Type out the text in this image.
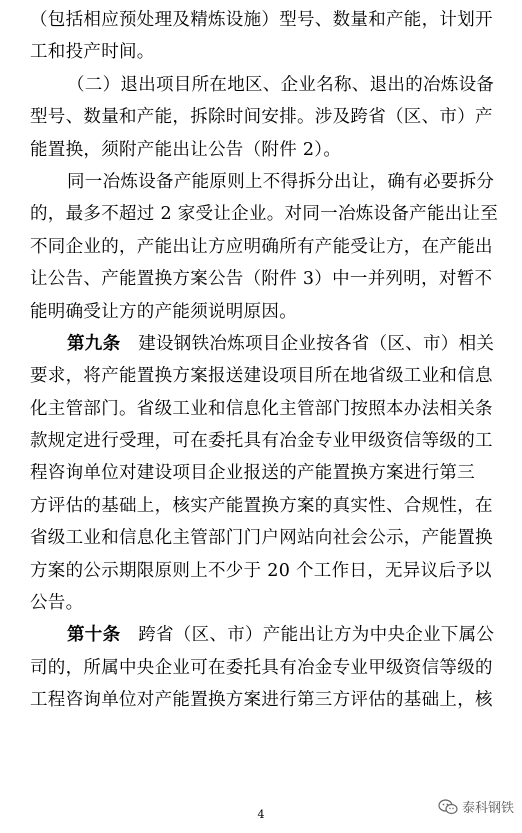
（包括相应预处理及精炼设施）型号、数量和产能，计划开
工和投产时间。
（二）退出项目所在地区、企业名称、退出的冶炼设备
型号、数量和产能，拆除时间安排。涉及跨省（区、市）产
能置换，须附产能出让公告（附件 2）。
同一冶炼设备产能原则上不得拆分出让，确有必要拆分
的，最多不超过 2 家受让企业。对同一冶炼设备产能出让至
不同企业的，产能出让方应明确所有产能受让方，在产能出
让公告、产能置换方案公告（附件 3）中一并列明，对暂不
能明确受让方的产能须说明原因。
第九条　建设钢铁冶炼项目企业按各省（区、市）相关
要求，将产能置换方案报送建设项目所在地省级工业和信息
化主管部门。省级工业和信息化主管部门按照本办法相关条
款规定进行受理，可在委托具有冶金专业甲级资信等级的工
程咨询单位对建设项目企业报送的产能置换方案进行第三
方评估的基础上，核实产能置换方案的真实性、合规性，在
省级工业和信息化主管部门门户网站向社会公示，产能置换
方案的公示期限原则上不少于 20 个工作日，无异议后予以
公告。
第十条　跨省（区、市）产能出让方为中央企业下属公
司的，所属中央企业可在委托具有冶金专业甲级资信等级的
工程咨询单位对产能置换方案进行第三方评估的基础上，核
4	泰科钢铁
